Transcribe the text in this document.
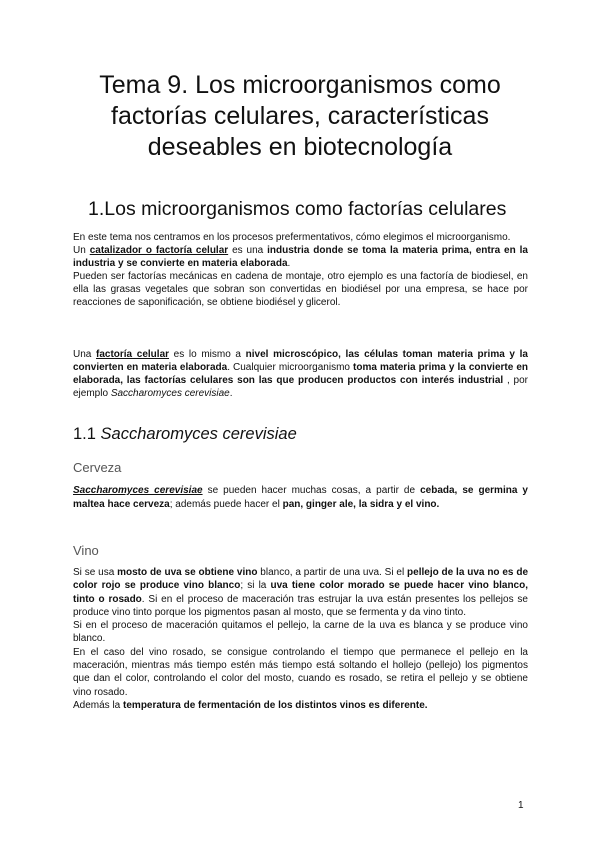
Tema 9. Los microorganismos como
factorías celulares, características
deseables en biotecnología
1.Los microorganismos como factorías celulares

En este tema nos centramos en los procesos prefermentativos, cómo elegimos el microorganismo.

Un catalizador o factoría celular es una industria donde se toma la materia prima, entra en la industria y se convierte en materia elaborada.

Pueden ser factorías mecánicas en cadena de montaje, otro ejemplo es una factoría de biodiesel, en ella las grasas vegetales que sobran son convertidas en biodiésel por una empresa, se hace por reacciones de saponificación, se obtiene biodiésel y glicerol.

Una factoría celular es lo mismo a nivel microscópico, las células toman materia prima y la convierten en materia elaborada. Cualquier microorganismo toma materia prima y la convierte en elaborada, las factorías celulares son las que producen productos con interés industrial , por ejemplo Saccharomyces cerevisiae.

1.1 Saccharomyces cerevisiae
Cerveza

Saccharomyces cerevisiae se pueden hacer muchas cosas, a partir de cebada, se germina y maltea hace cerveza; además puede hacer el pan, ginger ale, la sidra y el vino.

Vino

Si se usa mosto de uva se obtiene vino blanco, a partir de una uva. Si el pellejo de la uva no es de color rojo se produce vino blanco; si la uva tiene color morado se puede hacer vino blanco, tinto o rosado. Si en el proceso de maceración tras estrujar la uva están presentes los pellejos se produce vino tinto porque los pigmentos pasan al mosto, que se fermenta y da vino tinto.

Si en el proceso de maceración quitamos el pellejo, la carne de la uva es blanca y se produce vino blanco.

En el caso del vino rosado, se consigue controlando el tiempo que permanece el pellejo en la maceración, mientras más tiempo estén más tiempo está soltando el hollejo (pellejo) los pigmentos que dan el color, controlando el color del mosto, cuando es rosado, se retira el pellejo y se obtiene vino rosado.

Además la temperatura de fermentación de los distintos vinos es diferente.

1
